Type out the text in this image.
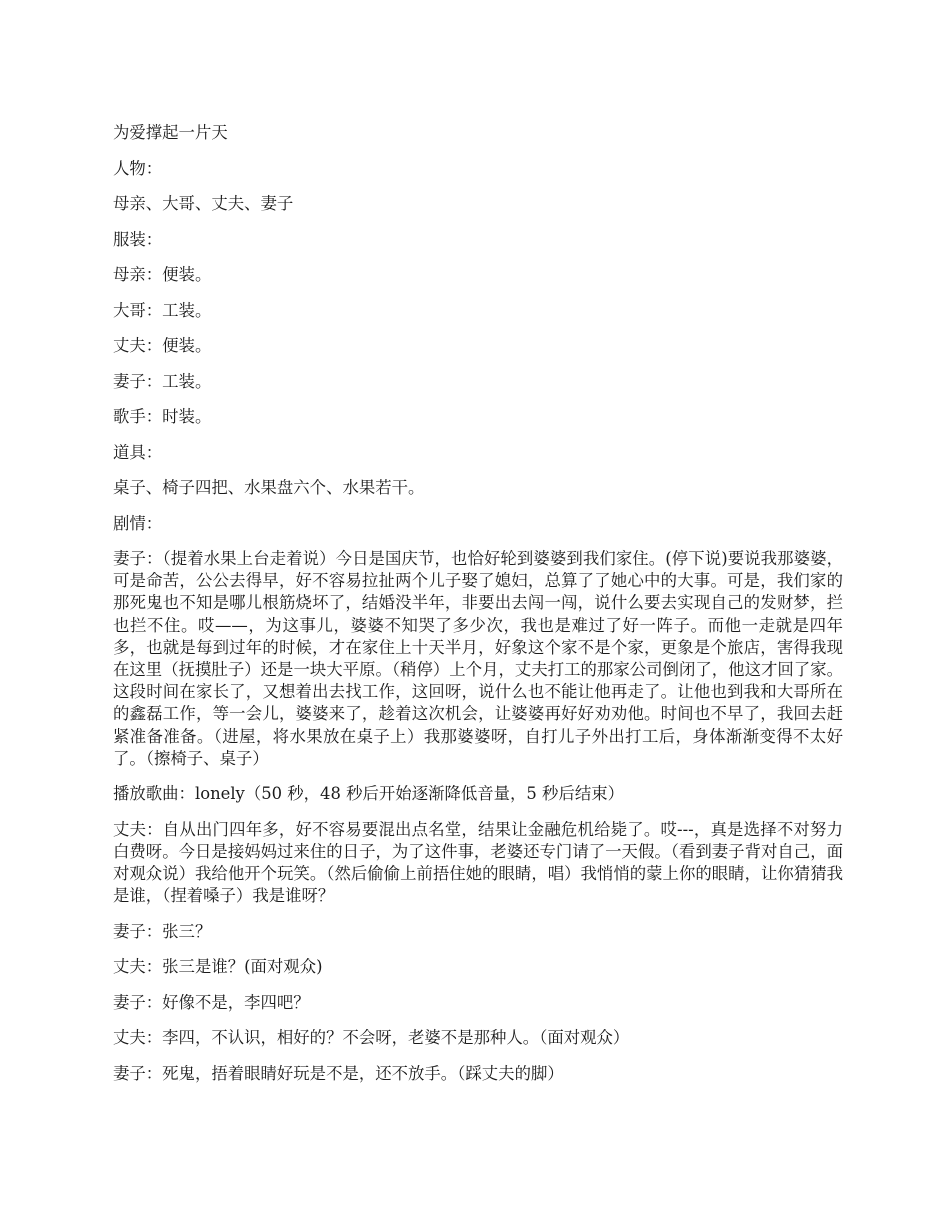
为爱撑起一片天

人物：

母亲、大哥、丈夫、妻子

服装：

母亲：便装。

大哥：工装。

丈夫：便装。

妻子：工装。

歌手：时装。

道具：

桌子、椅子四把、水果盘六个、水果若干。

剧情：

妻子：（提着水果上台走着说）今日是国庆节，也恰好轮到婆婆到我们家住。(停下说)要说我那婆婆，可是命苦，公公去得早，好不容易拉扯两个儿子娶了媳妇，总算了了她心中的大事。可是，我们家的那死鬼也不知是哪儿根筋烧坏了，结婚没半年，非要出去闯一闯，说什么要去实现自己的发财梦，拦也拦不住。哎——，为这事儿，婆婆不知哭了多少次，我也是难过了好一阵子。而他一走就是四年多，也就是每到过年的时候，才在家住上十天半月，好象这个家不是个家，更象是个旅店，害得我现在这里（抚摸肚子）还是一块大平原。（稍停）上个月，丈夫打工的那家公司倒闭了，他这才回了家。这段时间在家长了，又想着出去找工作，这回呀，说什么也不能让他再走了。让他也到我和大哥所在的鑫磊工作，等一会儿，婆婆来了，趁着这次机会，让婆婆再好好劝劝他。时间也不早了，我回去赶紧准备准备。（进屋，将水果放在桌子上）我那婆婆呀，自打儿子外出打工后，身体渐渐变得不太好了。（擦椅子、桌子）

播放歌曲：lonely（50 秒，48 秒后开始逐渐降低音量，5 秒后结束）

丈夫：自从出门四年多，好不容易要混出点名堂，结果让金融危机给毙了。哎---，真是选择不对努力白费呀。今日是接妈妈过来住的日子，为了这件事，老婆还专门请了一天假。（看到妻子背对自己，面对观众说）我给他开个玩笑。（然后偷偷上前捂住她的眼睛，唱）我悄悄的蒙上你的眼睛，让你猜猜我是谁，（捏着嗓子）我是谁呀？

妻子：张三？

丈夫：张三是谁？(面对观众)

妻子：好像不是，李四吧？

丈夫：李四，不认识，相好的？不会呀，老婆不是那种人。（面对观众）

妻子：死鬼，捂着眼睛好玩是不是，还不放手。（踩丈夫的脚）
